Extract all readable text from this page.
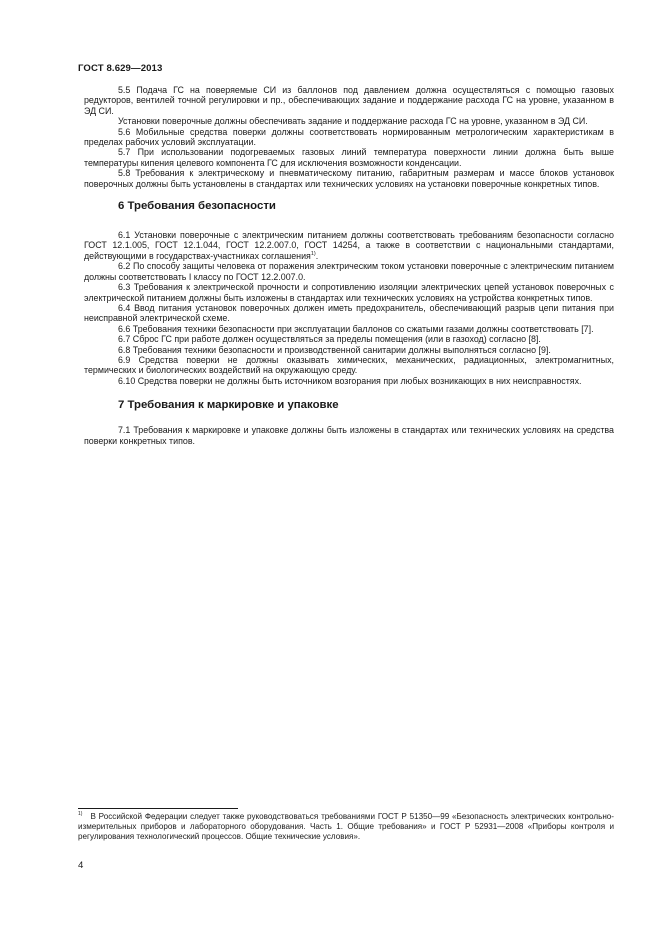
ГОСТ 8.629—2013

5.5 Подача ГС на поверяемые СИ из баллонов под давлением должна осуществляться с помощью газовых редукторов, вентилей точной регулировки и пр., обеспечивающих задание и поддержание расхода ГС на уровне, указанном в ЭД СИ.

Установки поверочные должны обеспечивать задание и поддержание расхода ГС на уровне, указанном в ЭД СИ.

5.6 Мобильные средства поверки должны соответствовать нормированным метрологическим характеристикам в пределах рабочих условий эксплуатации.

5.7 При использовании подогреваемых газовых линий температура поверхности линии должна быть выше температуры кипения целевого компонента ГС для исключения возможности конденсации.

5.8 Требования к электрическому и пневматическому питанию, габаритным размерам и массе блоков установок поверочных должны быть установлены в стандартах или технических условиях на установки поверочные конкретных типов.

6 Требования безопасности

6.1 Установки поверочные с электрическим питанием должны соответствовать требованиям безопасности согласно ГОСТ 12.1.005, ГОСТ 12.1.044, ГОСТ 12.2.007.0, ГОСТ 14254, а также в соответствии с национальными стандартами, действующими в государствах-участниках соглашения$^{1)}$.

6.2 По способу защиты человека от поражения электрическим током установки поверочные с электрическим питанием должны соответствовать I классу по ГОСТ 12.2.007.0.

6.3 Требования к электрической прочности и сопротивлению изоляции электрических цепей установок поверочных с электрической питанием должны быть изложены в стандартах или технических условиях на устройства конкретных типов.

6.4 Ввод питания установок поверочных должен иметь предохранитель, обеспечивающий разрыв цепи питания при неисправной электрической схеме.

6.6 Требования техники безопасности при эксплуатации баллонов со сжатыми газами должны соответствовать [7].

6.7 Сброс ГС при работе должен осуществляться за пределы помещения (или в газоход) согласно [8].

6.8 Требования техники безопасности и производственной санитарии должны выполняться согласно [9].

6.9 Средства поверки не должны оказывать химических, механических, радиационных, электромагнитных, термических и биологических воздействий на окружающую среду.

6.10 Средства поверки не должны быть источником возгорания при любых возникающих в них неисправностях.

7 Требования к маркировке и упаковке

7.1 Требования к маркировке и упаковке должны быть изложены в стандартах или технических условиях на средства поверки конкретных типов.

$^{1)}$ В Российской Федерации следует также руководствоваться требованиями ГОСТ Р 51350—99 «Безопасность электрических контрольно-измерительных приборов и лабораторного оборудования. Часть 1. Общие требования» и ГОСТ Р 52931—2008 «Приборы контроля и регулирования технологический процессов. Общие технические условия».

4
